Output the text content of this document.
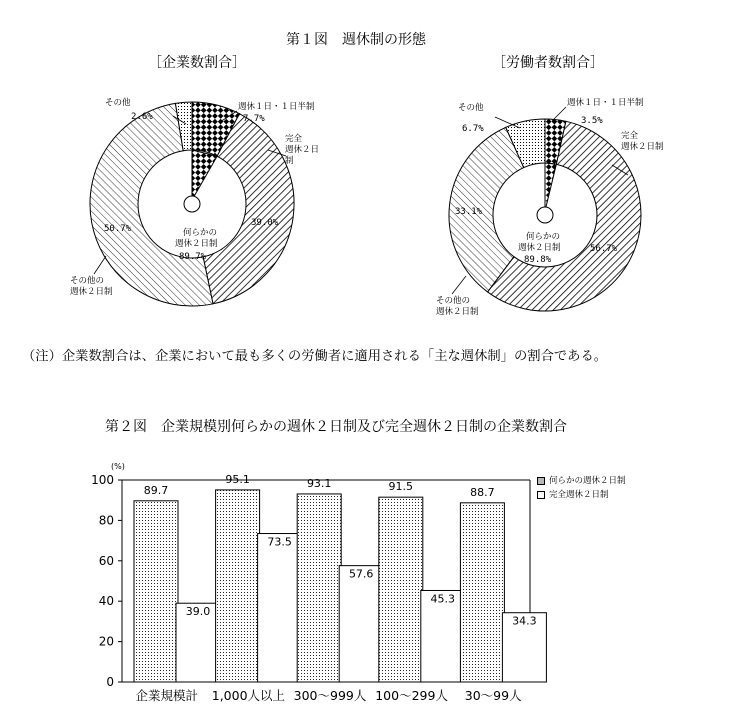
第１図　週休制の形態
［企業数割合］	［労働者数割合］
その他
2.6%
週休１日・１日半制
7.7%
完全
週休２日制
39.0%
50.7%
その他の
週休２日制
何らかの
週休２日制
89.7%
その他
6.7%
週休１日・１日半制
3.5%
完全
週休２日制
56.7%
33.1%
その他の
週休２日制
何らかの
週休２日制
89.8%
（注）企業数割合は、企業において最も多くの労働者に適用される「主な週休制」の割合である。
第２図　企業規模別何らかの週休２日制及び完全週休２日制の企業数割合
0
20
40
60
80
100
89.7
39.0
企業規模計
95.1
73.5
1,000人以上
93.1
57.6
300～999人
91.5
45.3
100～299人
88.7
34.3
30～99人
(%)
何らかの週休２日制
完全週休２日制
